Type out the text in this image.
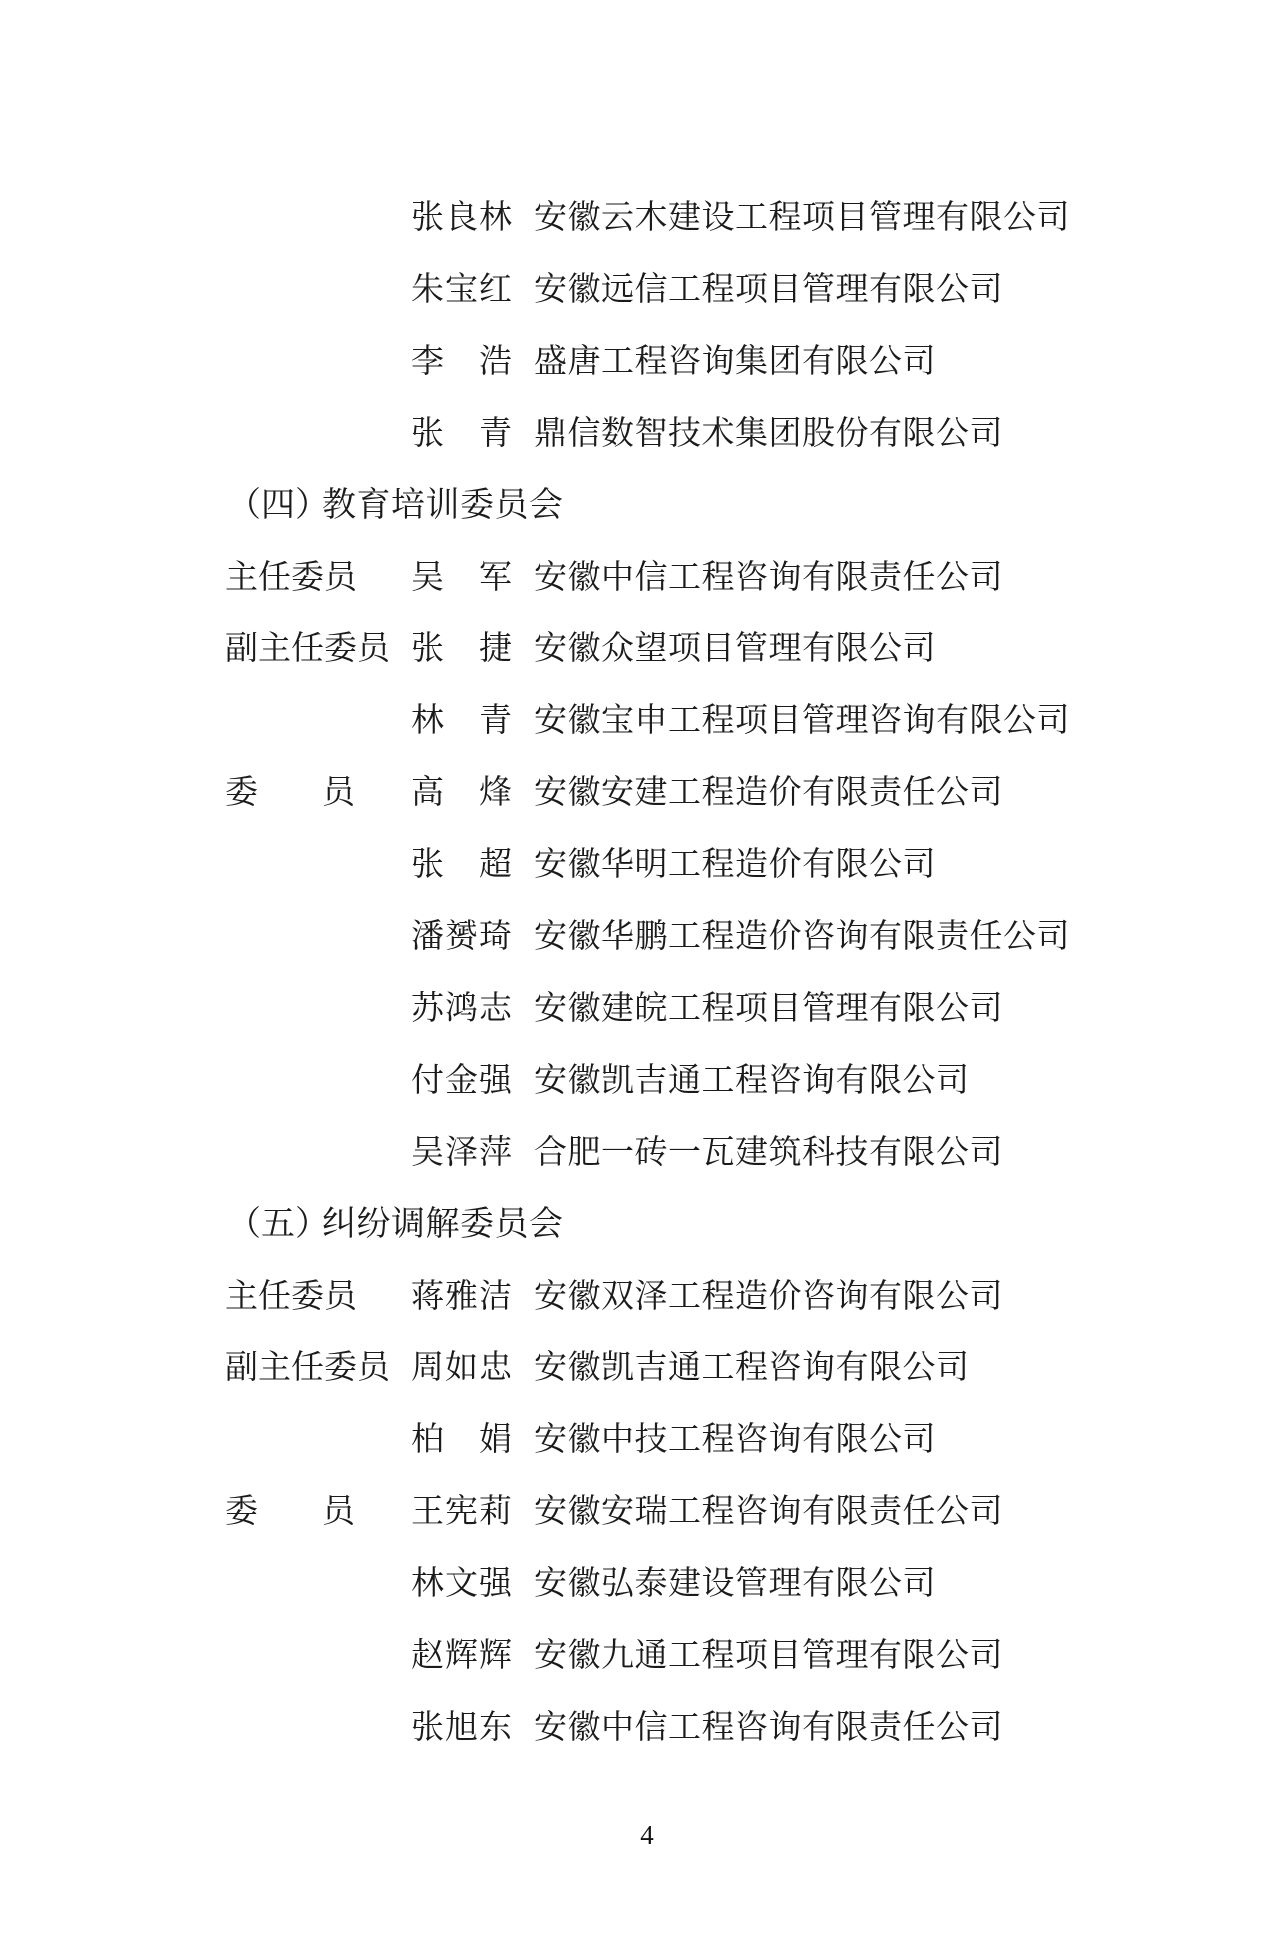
张 良 林 安徽云木建设工程项目管理有限公司
朱 宝 红 安徽远信工程项目管理有限公司
李 浩 盛唐工程咨询集团有限公司
张 青 鼎信数智技术集团股份有限公司
（四）
教育培训委员会
主 任 委 员 吴 军 安徽中信工程咨询有限责任公司
副 主 任 委 员 张 捷 安徽众望项目管理有限公司
林 青 安徽宝申工程项目管理咨询有限公司
委 员 高 烽 安徽安建工程造价有限责任公司
张 超 安徽华明工程造价有限公司
潘 赟 琦 安徽华鹏工程造价咨询有限责任公司
苏 鸿 志 安徽建皖工程项目管理有限公司
付 金 强 安徽凯吉通工程咨询有限公司
吴 泽 萍 合肥一砖一瓦建筑科技有限公司
（五）
纠纷调解委员会
主 任 委 员 蒋 雅 洁 安徽双泽工程造价咨询有限公司
副 主 任 委 员 周 如 忠 安徽凯吉通工程咨询有限公司
柏 娟 安徽中技工程咨询有限公司
委 员 王 宪 莉 安徽安瑞工程咨询有限责任公司
林 文 强 安徽弘泰建设管理有限公司
赵 辉 辉 安徽九通工程项目管理有限公司
张 旭 东 安徽中信工程咨询有限责任公司
4
